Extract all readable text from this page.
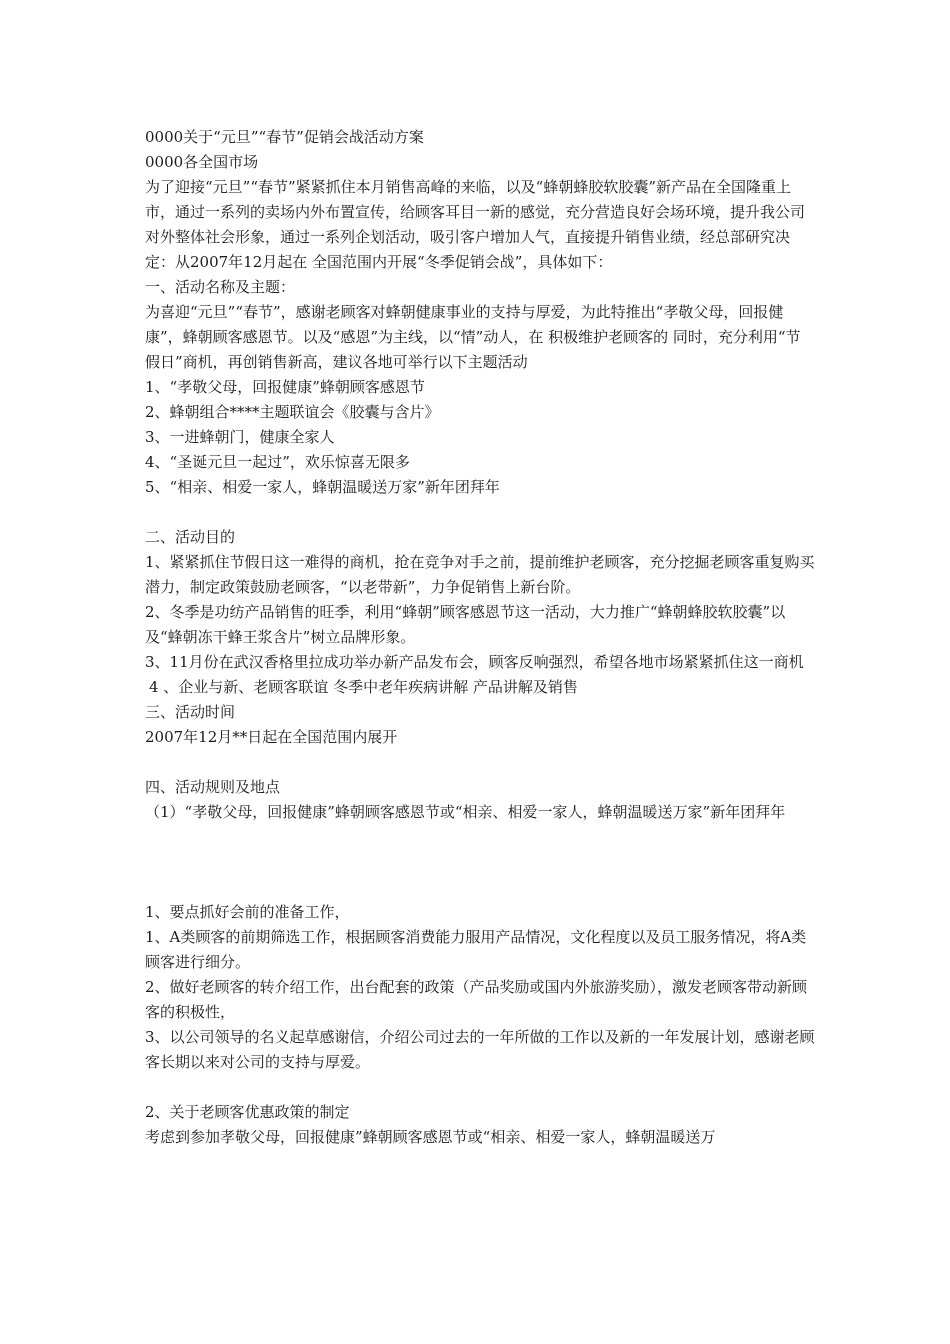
0000关于“元旦”“春节”促销会战活动方案

0000各全国市场

为了迎接“元旦”“春节”紧紧抓住本月销售高峰的来临，以及“蜂朝蜂胶软胶囊”新产品在全国隆重上市，通过一系列的卖场内外布置宣传，给顾客耳目一新的感觉，充分营造良好会场环境，提升我公司对外整体社会形象，通过一系列企划活动，吸引客户增加人气，直接提升销售业绩，经总部研究决定：从2007年12月起在 全国范围内开展“冬季促销会战”，具体如下：

一、活动名称及主题：

为喜迎“元旦”“春节”，感谢老顾客对蜂朝健康事业的支持与厚爱，为此特推出“孝敬父母，回报健康”，蜂朝顾客感恩节。以及“感恩”为主线，以“情”动人，在 积极维护老顾客的 同时，充分利用“节假日”商机，再创销售新高，建议各地可举行以下主题活动

1、“孝敬父母，回报健康”蜂朝顾客感恩节

2、蜂朝组合****主题联谊会《胶囊与含片》

3、一进蜂朝门，健康全家人

4、“圣诞元旦一起过”，欢乐惊喜无限多

5、“相亲、相爱一家人，蜂朝温暖送万家”新年团拜年

二、活动目的

1、紧紧抓住节假日这一难得的商机，抢在竞争对手之前，提前维护老顾客，充分挖掘老顾客重复购买潜力，制定政策鼓励老顾客，“以老带新”，力争促销售上新台阶。

2、冬季是功纺产品销售的旺季，利用“蜂朝”顾客感恩节这一活动，大力推广“蜂朝蜂胶软胶囊”以及“蜂朝冻干蜂王浆含片”树立品牌形象。

3、11月份在武汉香格里拉成功举办新产品发布会，顾客反响强烈，希望各地市场紧紧抓住这一商机

4 、企业与新、老顾客联谊 冬季中老年疾病讲解 产品讲解及销售

三、活动时间

2007年12月**日起在全国范围内展开

四、活动规则及地点

（1）“孝敬父母，回报健康”蜂朝顾客感恩节或“相亲、相爱一家人，蜂朝温暖送万家”新年团拜年

1、要点抓好会前的准备工作，

1、A类顾客的前期筛选工作，根据顾客消费能力服用产品情况，文化程度以及员工服务情况，将A类顾客进行细分。

2、做好老顾客的转介绍工作，出台配套的政策（产品奖励或国内外旅游奖励），激发老顾客带动新顾客的积极性，

3、以公司领导的名义起草感谢信，介绍公司过去的一年所做的工作以及新的一年发展计划，感谢老顾客长期以来对公司的支持与厚爱。

2、关于老顾客优惠政策的制定

考虑到参加孝敬父母，回报健康”蜂朝顾客感恩节或“相亲、相爱一家人，蜂朝温暖送万
